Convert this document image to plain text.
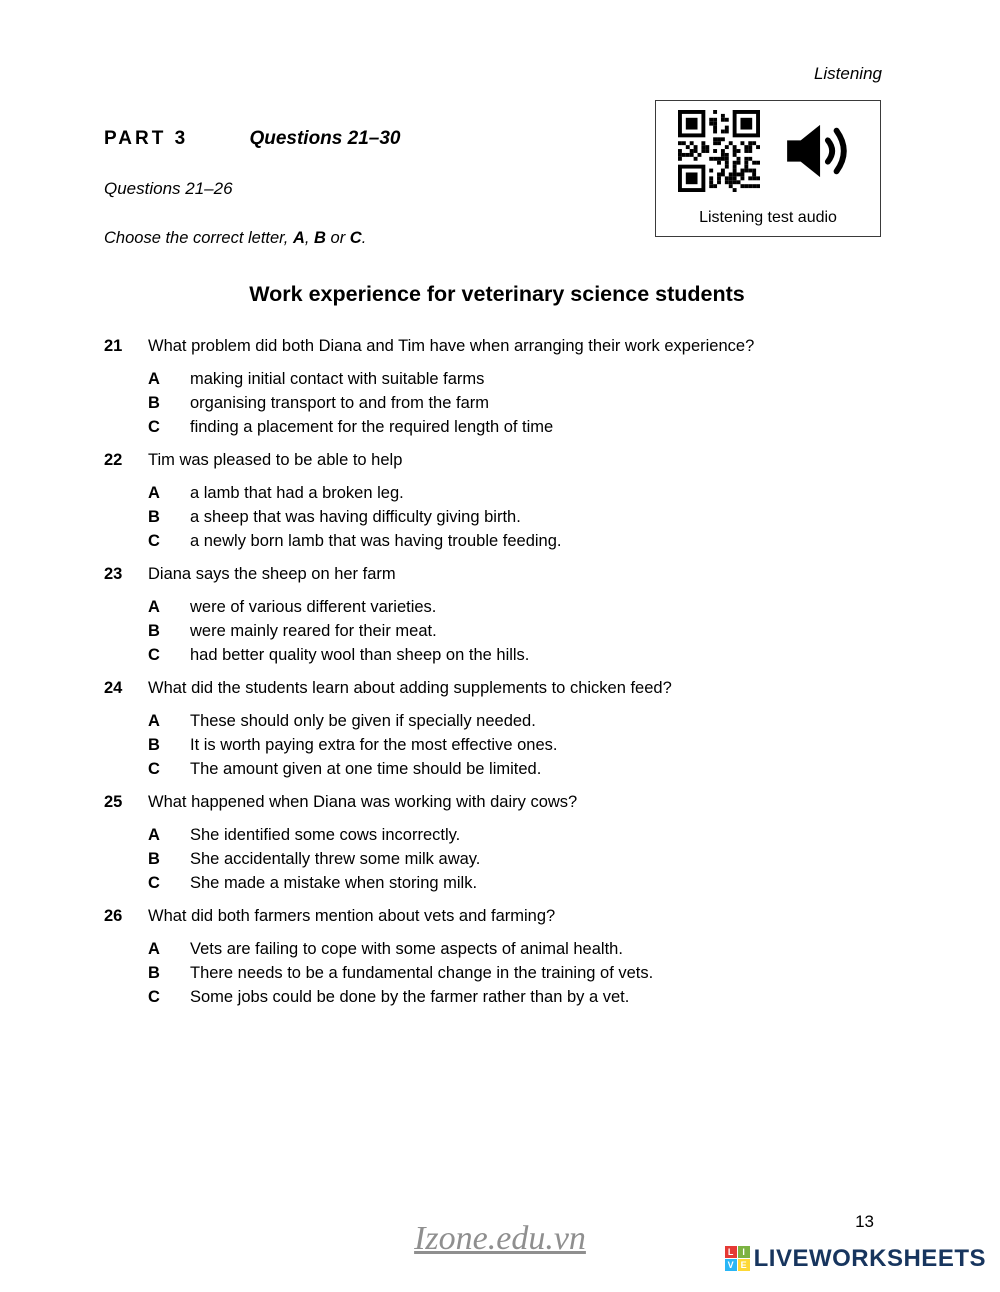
Listening
Listening test audio
PART 3	Questions 21–30
Questions 21–26
Choose the correct letter, A, B or C.
Work experience for veterinary science students
21	What problem did both Diana and Tim have when arranging their work experience?
A	making initial contact with suitable farms
B	organising transport to and from the farm
C	finding a placement for the required length of time
22	Tim was pleased to be able to help
A	a lamb that had a broken leg.
B	a sheep that was having difficulty giving birth.
C	a newly born lamb that was having trouble feeding.
23	Diana says the sheep on her farm
A	were of various different varieties.
B	were mainly reared for their meat.
C	had better quality wool than sheep on the hills.
24	What did the students learn about adding supplements to chicken feed?
A	These should only be given if specially needed.
B	It is worth paying extra for the most effective ones.
C	The amount given at one time should be limited.
25	What happened when Diana was working with dairy cows?
A	She identified some cows incorrectly.
B	She accidentally threw some milk away.
C	She made a mistake when storing milk.
26	What did both farmers mention about vets and farming?
A	Vets are failing to cope with some aspects of animal health.
B	There needs to be a fundamental change in the training of vets.
C	Some jobs could be done by the farmer rather than by a vet.
Izone.edu.vn	13
L I
V E LIVEWORKSHEETS
